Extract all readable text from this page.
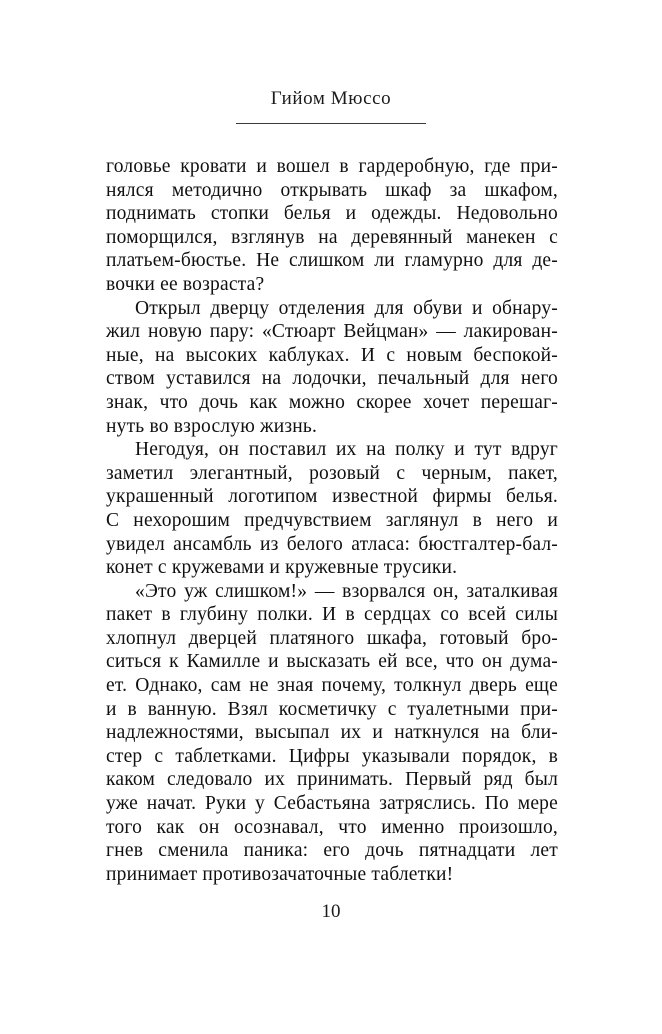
Гийом Мюссо
головье кровати и вошел в гардеробную, где при-
нялся методично открывать шкаф за шкафом,
поднимать стопки белья и одежды. Недовольно
поморщился, взглянув на деревянный манекен с
платьем-бюстье. Не слишком ли гламурно для де-
вочки ее возраста?
Открыл дверцу отделения для обуви и обнару-
жил новую пару: «Стюарт Вейцман» — лакирован-
ные, на высоких каблуках. И с новым беспокой-
ством уставился на лодочки, печальный для него
знак, что дочь как можно скорее хочет перешаг-
нуть во взрослую жизнь.
Негодуя, он поставил их на полку и тут вдруг
заметил элегантный, розовый с черным, пакет,
украшенный логотипом известной фирмы белья.
С нехорошим предчувствием заглянул в него и
увидел ансамбль из белого атласа: бюстгалтер-бал-
конет с кружевами и кружевные трусики.
«Это уж слишком!» — взорвался он, заталкивая
пакет в глубину полки. И в сердцах со всей силы
хлопнул дверцей платяного шкафа, готовый бро-
ситься к Камилле и высказать ей все, что он дума-
ет. Однако, сам не зная почему, толкнул дверь еще
и в ванную. Взял косметичку с туалетными при-
надлежностями, высыпал их и наткнулся на бли-
стер с таблетками. Цифры указывали порядок, в
каком следовало их принимать. Первый ряд был
уже начат. Руки у Себастьяна затряслись. По мере
того как он осознавал, что именно произошло,
гнев сменила паника: его дочь пятнадцати лет
принимает противозачаточные таблетки!
10
